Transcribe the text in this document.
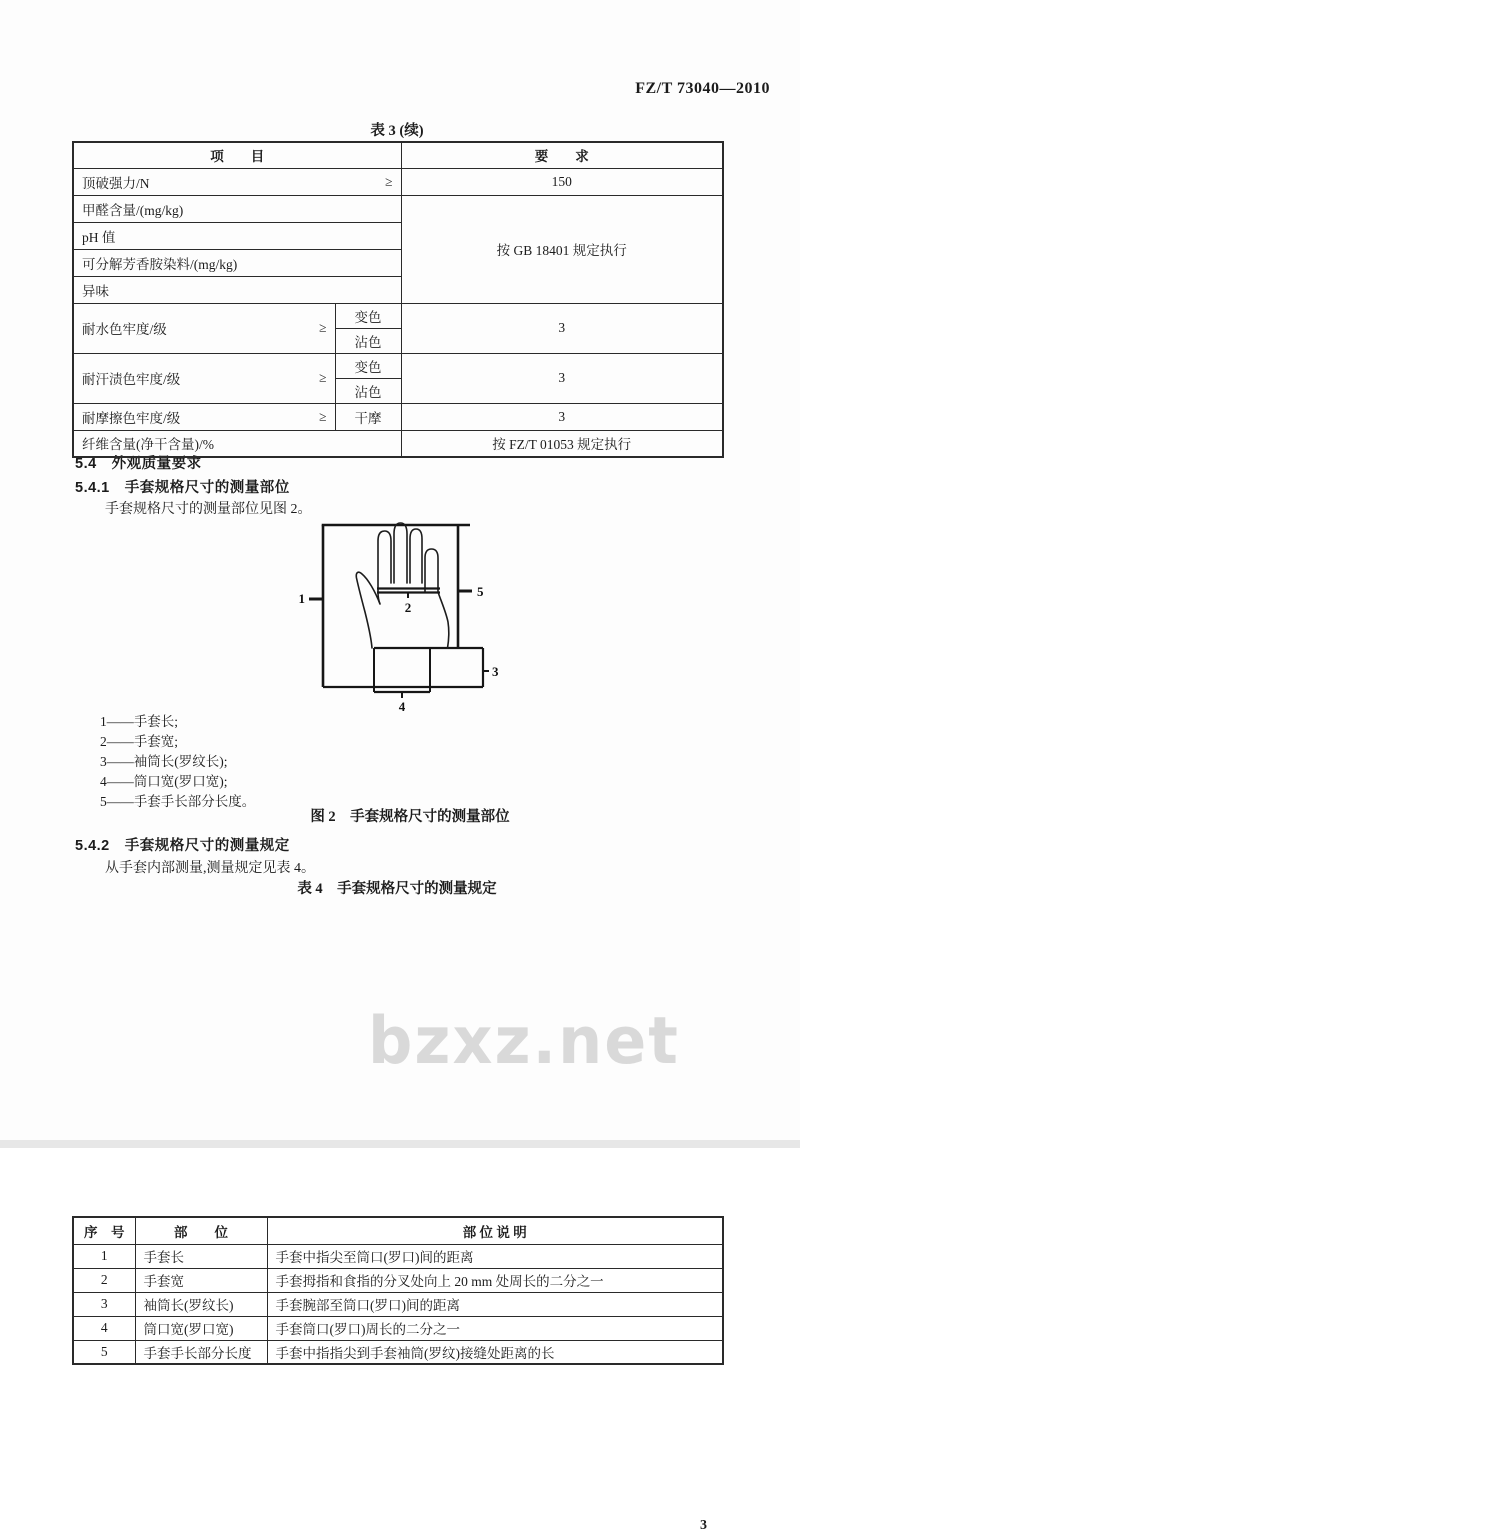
FZ/T 73040—2010
表 3 (续)
项　　目		要　　求

顶破强力/N ≥		150
甲醛含量/(mg/kg)		按 GB 18401 规定执行
pH 值		
可分解芳香胺染料/(mg/kg)		
异味		

耐水色牢度/级 ≥	变色	3
	沾色	

耐汗渍色牢度/级 ≥	变色	3
	沾色	

耐摩擦色牢度/级 ≥	干摩	3
纤维含量(净干含量)/%		按 FZ/T 01053 规定执行
5.4　外观质量要求
5.4.1　手套规格尺寸的测量部位
手套规格尺寸的测量部位见图 2。
1
2
3
4
5
1——手套长;
2——手套宽;
3——袖筒长(罗纹长);
4——筒口宽(罗口宽);
5——手套手长部分长度。
图 2　手套规格尺寸的测量部位
5.4.2　手套规格尺寸的测量规定
从手套内部测量,测量规定见表 4。
表 4　手套规格尺寸的测量规定
序　号	部　　位	部 位 说 明
1	手套长	手套中指尖至筒口(罗口)间的距离
2	手套宽	手套拇指和食指的分叉处向上 20 mm 处周长的二分之一
3	袖筒长(罗纹长)	手套腕部至筒口(罗口)间的距离
4	筒口宽(罗口宽)	手套筒口(罗口)周长的二分之一
5	手套手长部分长度	手套中指指尖到手套袖筒(罗纹)接缝处距离的长
bzxz.net
3
